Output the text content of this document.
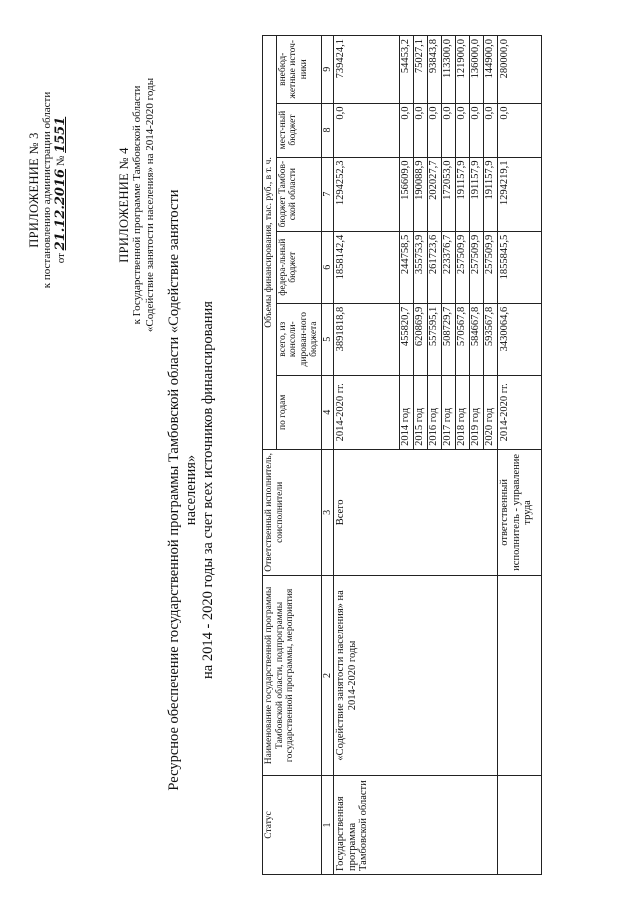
ПРИЛОЖЕНИЕ № 3 к постановлению администрации области от 21.12.2016 № 1551
ПРИЛОЖЕНИЕ № 4 к Государственной программе Тамбовской области «Содействие занятости населения» на 2014-2020 годы Ресурсное обеспечение государственной программы Тамбовской области «Содействие занятости населения» на 2014 - 2020 годы за счет всех источников финансирования
Статус	Наименование государственной программы Тамбовской области, подпрограммы государственной программы, мероприятия	Ответственный исполнитель, соисполнители	Объемы финансирования, тыс. руб., в т. ч.					
			по годам	всего, из консоли-дирован-ного бюджета	федера-льный бюджет	бюджет Тамбов-ской области	мест-ный бюджет	внебюд-жетные источ-ники
1	2	3	4	5	6	7	8	9
Государственная программа Тамбовской области	«Содействие занятости населения» на 2014-2020 годы	Всего	2014-2020 гг.	3891818,8	1858142,4	1294252,3	0,0	739424,1
			2014 год	455820,7	244758,5	156609,0	0,0	54453,2
			2015 год	620869,9	355753,9	190088,9	0,0	75027,1
			2016 год	557595,1	261723,6	202027,7	0,0	93843,8
			2017 год	508729,7	223376,7	172053,0	0,0	113300,0
			2018 год	570567,8	257509,9	191157,9	0,0	121900,0
			2019 год	584667,8	257509,9	191157,9	0,0	136000,0
			2020 год	593567,8	257509,9	191157,9	0,0	144900,0
		ответственный исполнитель - управление труда	2014-2020 гг.	3430064,6	1855845,5	1294219,1	0,0	280000,0
